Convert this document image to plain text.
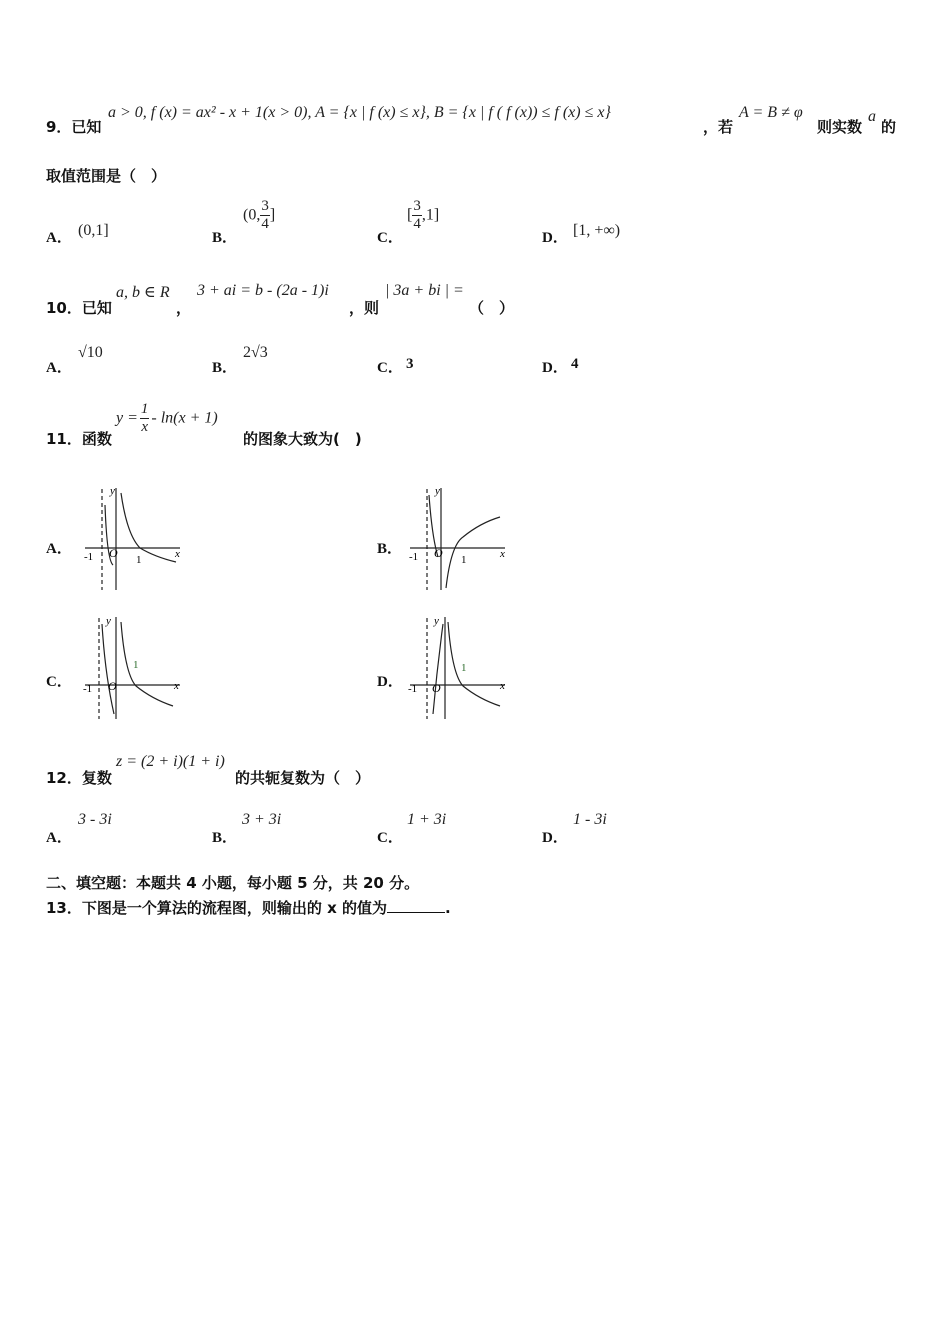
9．已知
a > 0, f (x) = ax² - x + 1(x > 0), A = {x | f (x) ≤ x}, B = {x | f ( f (x)) ≤ f (x) ≤ x}
，若
A = B ≠ φ
则实数
a
的
取值范围是（　）
A． (0,1]	B．
(0, $\frac{3}{4}$ ]
C．
[ $\frac{3}{4} ,1$]
D． [1, +∞)
10．已知
a, b ∈ R
，
3 + ai = b - (2a - 1)i
，则
| 3a + bi | =
（　）
A．
√10
B．
2√3
C． 3	D． 4
11．函数
$y = \frac{1}{x} - \ln(x + 1)$
的图象大致为(　)
A．	B．
C．	D．
y
x
-1 O 1
y
x
-1 O 1
y
x
-1 O
1
y
x
-1 O
1
12．复数
z = (2 + i)(1 + i)
的共轭复数为（　）
A．
3 - 3i
B．
3 + 3i
C．
1 + 3i
D．
1 - 3i
二、填空题：本题共 4 小题，每小题 5 分，共 20 分。
13．下图是一个算法的流程图，则输出的 x 的值为	.
